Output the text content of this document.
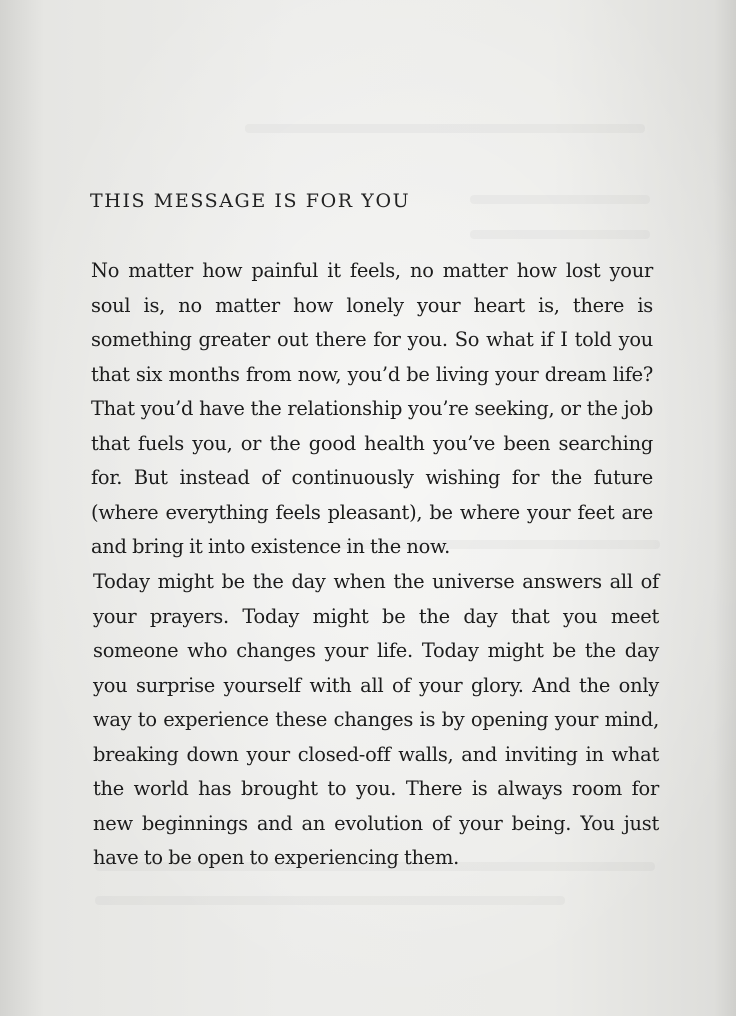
THIS MESSAGE IS FOR YOU

No matter how painful it feels, no matter how lost your soul is, no matter how lonely your heart is, there is something greater out there for you. So what if I told you that six months from now, you’d be living your dream life? That you’d have the relationship you’re seeking, or the job that fuels you, or the good health you’ve been searching for. But instead of continuously wishing for the future (where everything feels pleasant), be where your feet are and bring it into existence in the now.

Today might be the day when the universe answers all of your prayers. Today might be the day that you meet someone who changes your life. Today might be the day you surprise yourself with all of your glory. And the only way to experience these changes is by opening your mind, breaking down your closed-off walls, and inviting in what the world has brought to you. There is always room for new beginnings and an evolution of your being. You just have to be open to experiencing them.
